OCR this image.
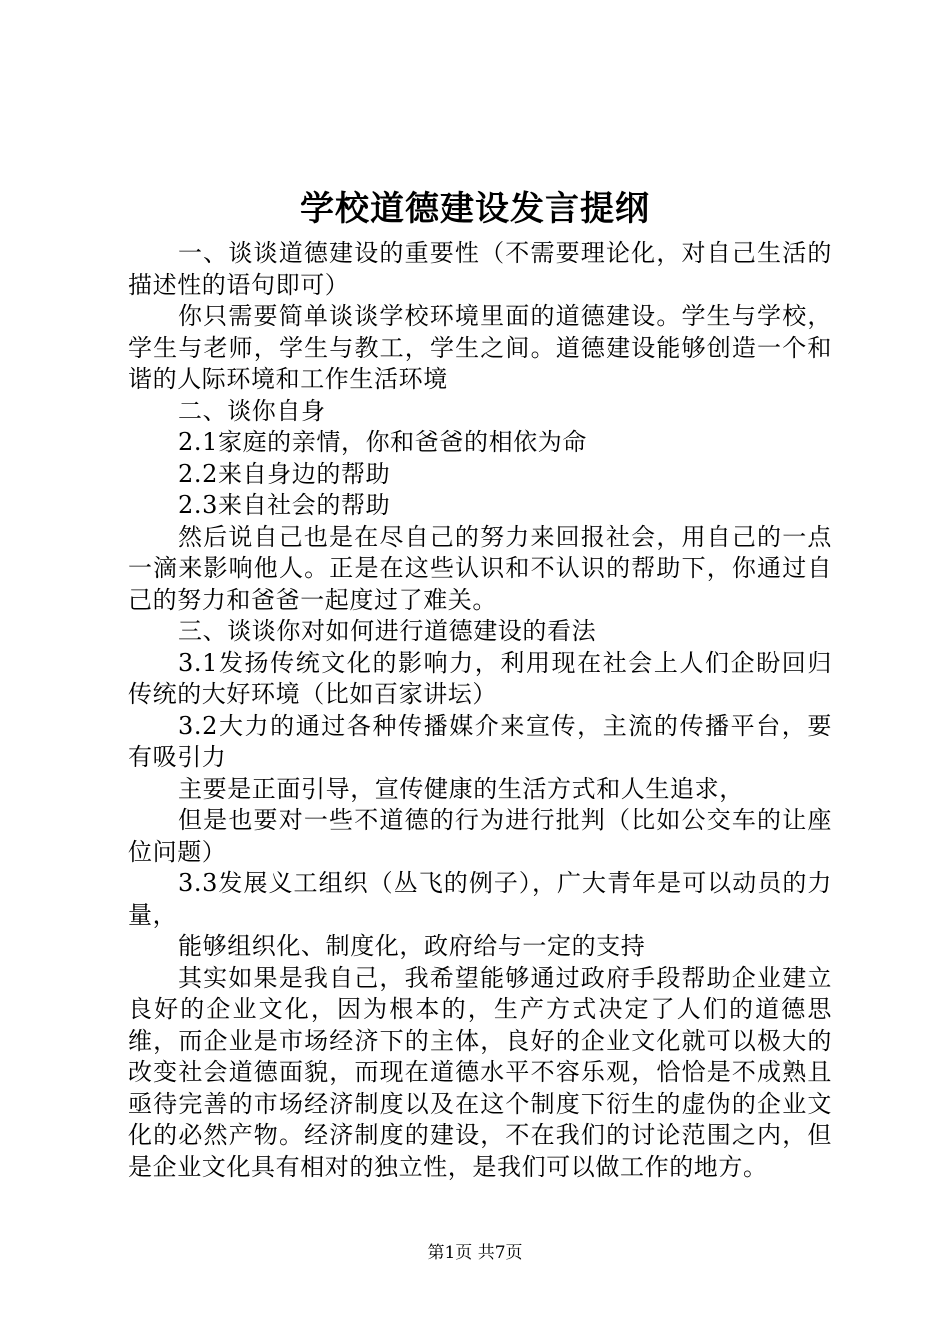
学校道德建设发言提纲

一、谈谈道德建设的重要性（不需要理论化，对自己生活的描述性的语句即可）

你只需要简单谈谈学校环境里面的道德建设。学生与学校，学生与老师，学生与教工，学生之间。道德建设能够创造一个和谐的人际环境和工作生活环境

二、谈你自身

2.1家庭的亲情，你和爸爸的相依为命

2.2来自身边的帮助

2.3来自社会的帮助

然后说自己也是在尽自己的努力来回报社会，用自己的一点一滴来影响他人。正是在这些认识和不认识的帮助下，你通过自己的努力和爸爸一起度过了难关。

三、谈谈你对如何进行道德建设的看法

3.1发扬传统文化的影响力，利用现在社会上人们企盼回归传统的大好环境（比如百家讲坛）

3.2大力的通过各种传播媒介来宣传，主流的传播平台，要有吸引力

主要是正面引导，宣传健康的生活方式和人生追求，

但是也要对一些不道德的行为进行批判（比如公交车的让座位问题）

3.3发展义工组织（丛飞的例子），广大青年是可以动员的力量，

能够组织化、制度化，政府给与一定的支持

其实如果是我自己，我希望能够通过政府手段帮助企业建立良好的企业文化，因为根本的，生产方式决定了人们的道德思维，而企业是市场经济下的主体，良好的企业文化就可以极大的改变社会道德面貌，而现在道德水平不容乐观，恰恰是不成熟且亟待完善的市场经济制度以及在这个制度下衍生的虚伪的企业文化的必然产物。经济制度的建设，不在我们的讨论范围之内，但是企业文化具有相对的独立性，是我们可以做工作的地方。

第1页 共7页
